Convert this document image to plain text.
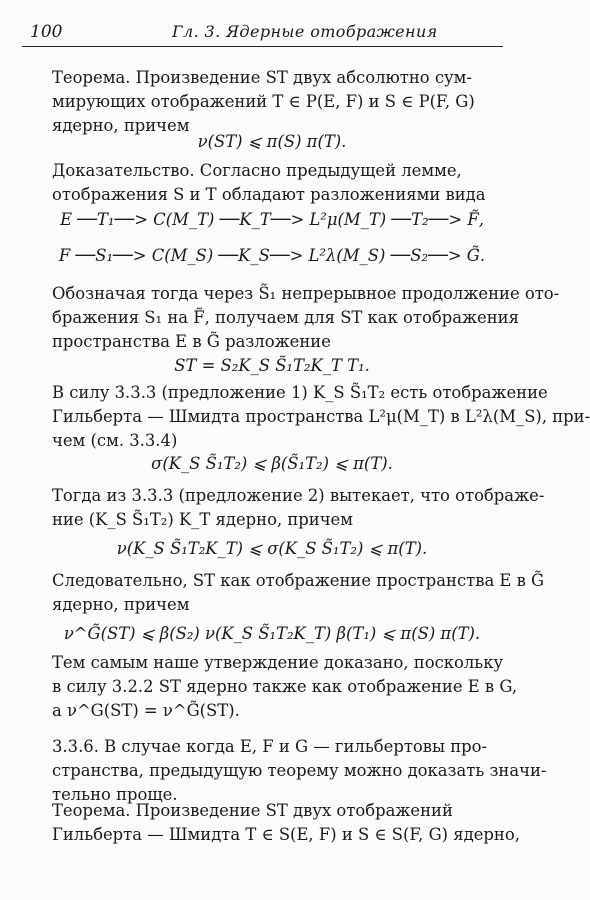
100	Гл. 3. Ядерные отображения
Теорема. Произведение ST двух абсолютно сум-
мирующих отображений T ∈ P(E, F) и S ∈ P(F, G)
ядерно, причем
ν(ST) ⩽ π(S) π(T).
Доказательство. Согласно предыдущей лемме,
отображения S и T обладают разложениями вида
E ──T₁──> C(M_T) ──K_T──> L²μ(M_T) ──T₂──> F̃,
F ──S₁──> C(M_S) ──K_S──> L²λ(M_S) ──S₂──> G̃.
Обозначая тогда через S̃₁ непрерывное продолжение ото-
бражения S₁ на F̃, получаем для ST как отображения
пространства E в G̃ разложение
ST = S₂K_S S̃₁T₂K_T T₁.
В силу 3.3.3 (предложение 1) K_S S̃₁T₂ есть отображение
Гильберта — Шмидта пространства L²μ(M_T) в L²λ(M_S), при-
чем (см. 3.3.4)
σ(K_S S̃₁T₂) ⩽ β(S̃₁T₂) ⩽ π(T).
Тогда из 3.3.3 (предложение 2) вытекает, что отображе-
ние (K_S S̃₁T₂) K_T ядерно, причем
ν(K_S S̃₁T₂K_T) ⩽ σ(K_S S̃₁T₂) ⩽ π(T).
Следовательно, ST как отображение пространства E в G̃
ядерно, причем
ν^G̃(ST) ⩽ β(S₂) ν(K_S S̃₁T₂K_T) β(T₁) ⩽ π(S) π(T).
Тем самым наше утверждение доказано, поскольку
в силу 3.2.2 ST ядерно также как отображение E в G,
а ν^G(ST) = ν^G̃(ST).
3.3.6. В случае когда E, F и G — гильбертовы про-
странства, предыдущую теорему можно доказать значи-
тельно проще.
Теорема. Произведение ST двух отображений
Гильберта — Шмидта T ∈ S(E, F) и S ∈ S(F, G) ядерно,
